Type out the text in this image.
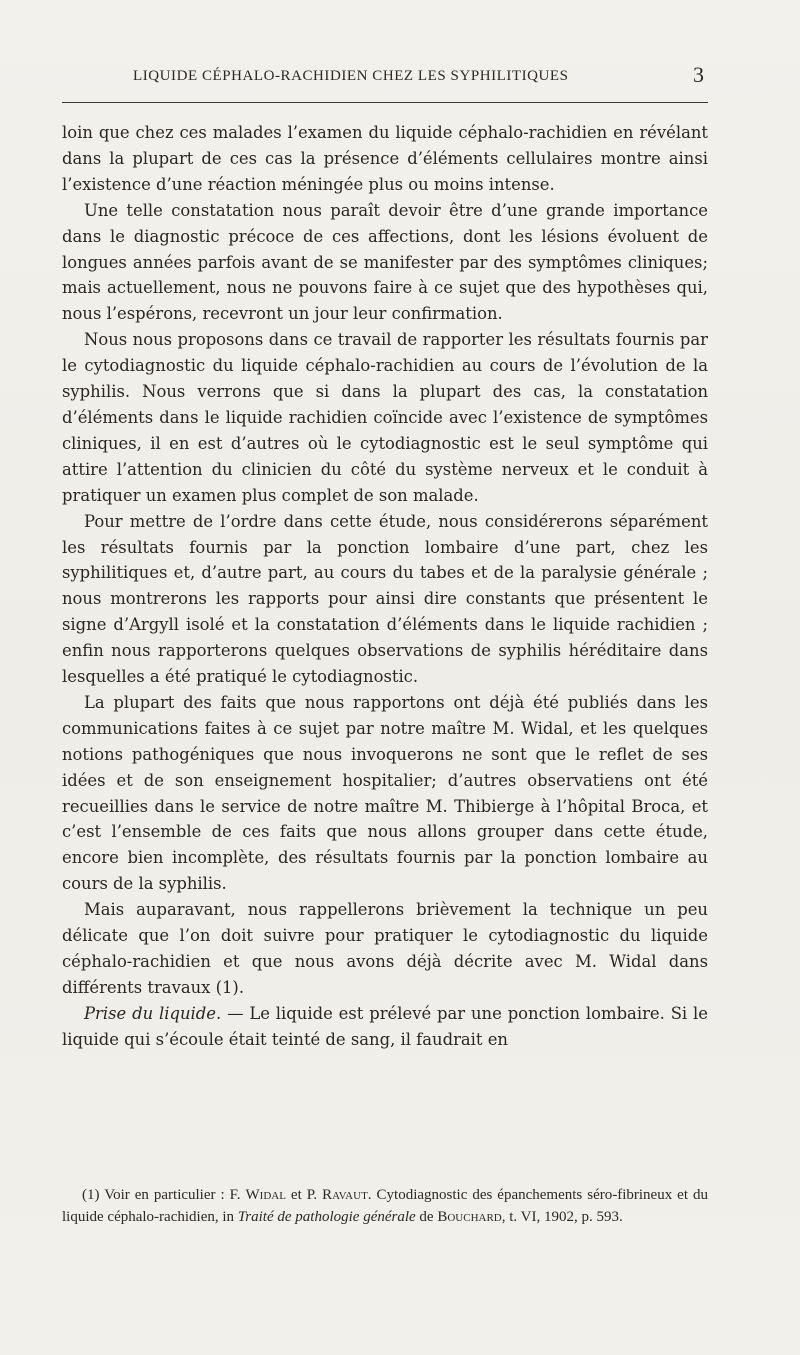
LIQUIDE CÉPHALO-RACHIDIEN CHEZ LES SYPHILITIQUES	3

loin que chez ces malades l’examen du liquide céphalo-rachidien en révélant dans la plupart de ces cas la présence d’éléments cellulaires montre ainsi l’existence d’une réaction méningée plus ou moins intense.

Une telle constatation nous paraît devoir être d’une grande importance dans le diagnostic précoce de ces affections, dont les lésions évoluent de longues années parfois avant de se manifester par des symptômes cliniques; mais actuellement, nous ne pouvons faire à ce sujet que des hypothèses qui, nous l’espérons, recevront un jour leur confirmation.

Nous nous proposons dans ce travail de rapporter les résultats fournis par le cytodiagnostic du liquide céphalo-rachidien au cours de l’évolution de la syphilis. Nous verrons que si dans la plupart des cas, la constatation d’éléments dans le liquide rachidien coïncide avec l’existence de symptômes cliniques, il en est d’autres où le cytodiagnostic est le seul symptôme qui attire l’attention du clinicien du côté du système nerveux et le conduit à pratiquer un examen plus complet de son malade.

Pour mettre de l’ordre dans cette étude, nous considérerons séparément les résultats fournis par la ponction lombaire d’une part, chez les syphilitiques et, d’autre part, au cours du tabes et de la paralysie générale ; nous montrerons les rapports pour ainsi dire constants que présentent le signe d’Argyll isolé et la constatation d’éléments dans le liquide rachidien ; enfin nous rapporterons quelques observations de syphilis héréditaire dans lesquelles a été pratiqué le cytodiagnostic.

La plupart des faits que nous rapportons ont déjà été publiés dans les communications faites à ce sujet par notre maître M. Widal, et les quelques notions pathogéniques que nous invoquerons ne sont que le reflet de ses idées et de son enseignement hospitalier; d’autres observatiens ont été recueillies dans le service de notre maître M. Thibierge à l’hôpital Broca, et c’est l’ensemble de ces faits que nous allons grouper dans cette étude, encore bien incomplète, des résultats fournis par la ponction lombaire au cours de la syphilis.

Mais auparavant, nous rappellerons brièvement la technique un peu délicate que l’on doit suivre pour pratiquer le cytodiagnostic du liquide céphalo-rachidien et que nous avons déjà décrite avec M. Widal dans différents travaux (1).

Prise du liquide. — Le liquide est prélevé par une ponction lombaire. Si le liquide qui s’écoule était teinté de sang, il faudrait en

(1) Voir en particulier : F. Widal et P. Ravaut. Cytodiagnostic des épanchements séro-fibrineux et du liquide céphalo-rachidien, in Traité de pathologie générale de Bouchard, t. VI, 1902, p. 593.
